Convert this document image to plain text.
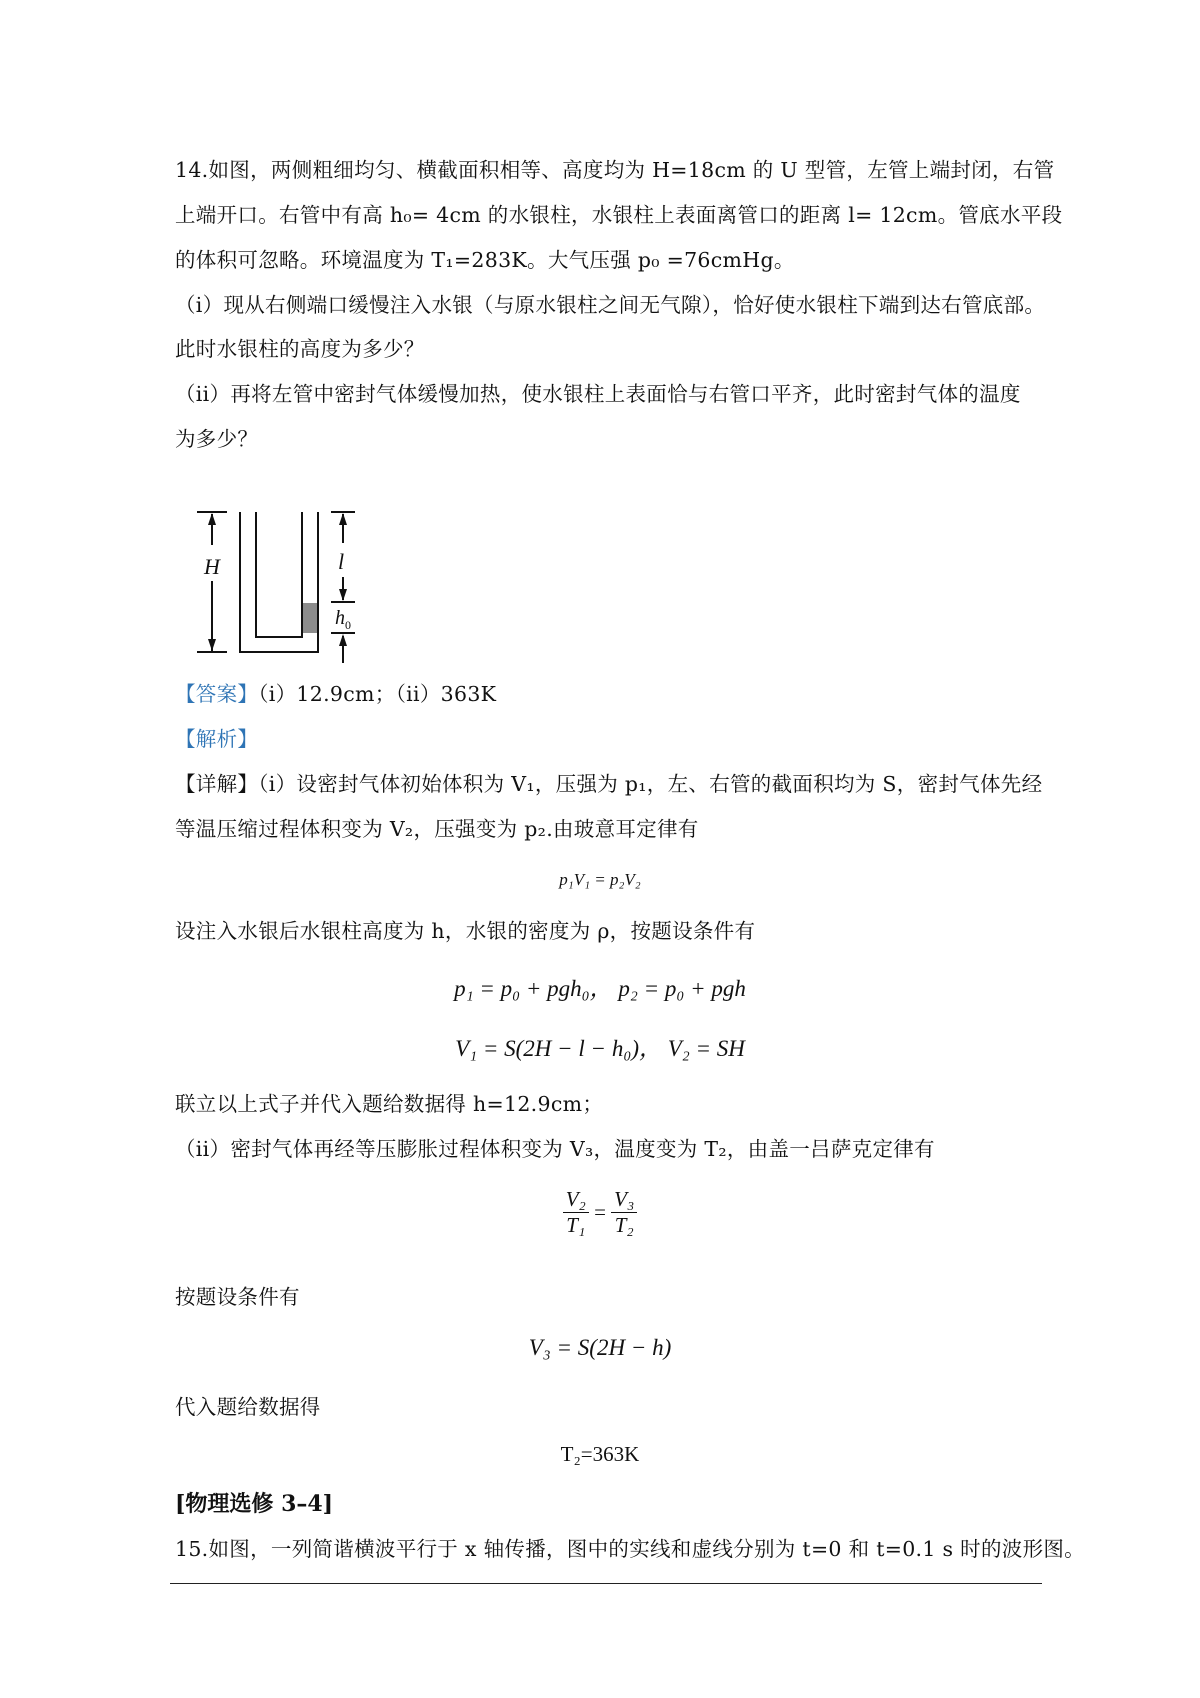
14.如图，两侧粗细均匀、横截面积相等、高度均为 H=18cm 的 U 型管，左管上端封闭，右管
上端开口。右管中有高 h₀= 4cm 的水银柱，水银柱上表面离管口的距离 l= 12cm。管底水平段
的体积可忽略。环境温度为 T₁=283K。大气压强 p₀ =76cmHg。
（i）现从右侧端口缓慢注入水银（与原水银柱之间无气隙），恰好使水银柱下端到达右管底部。
此时水银柱的高度为多少？
（ii）再将左管中密封气体缓慢加热，使水银柱上表面恰与右管口平齐，此时密封气体的温度
为多少？
H	l
$h_0$
【答案】（i）12.9cm；（ii）363K
【解析】
【详解】（i）设密封气体初始体积为 V₁，压强为 p₁，左、右管的截面积均为 S，密封气体先经
等温压缩过程体积变为 V₂，压强变为 p₂.由玻意耳定律有
p₁V₁ = p₂V₂
设注入水银后水银柱高度为 h，水银的密度为 ρ，按题设条件有
p₁ = p₀ + pgh₀， p₂ = p₀ + pgh
V₁ = S(2H − l − h₀)， V₂ = SH
联立以上式子并代入题给数据得 h=12.9cm；
（ii）密封气体再经等压膨胀过程体积变为 V₃，温度变为 T₂，由盖一吕萨克定律有
$\frac{\text{V₂}}{\text{T₁}} = \frac{\text{V₃}}{\text{T₂}}$
按题设条件有
V₃ = S(2H − h)
代入题给数据得
T₂=363K
[物理选修 3–4]
15.如图，一列简谐横波平行于 x 轴传播，图中的实线和虚线分别为 t=0 和 t=0.1 s 时的波形图。
